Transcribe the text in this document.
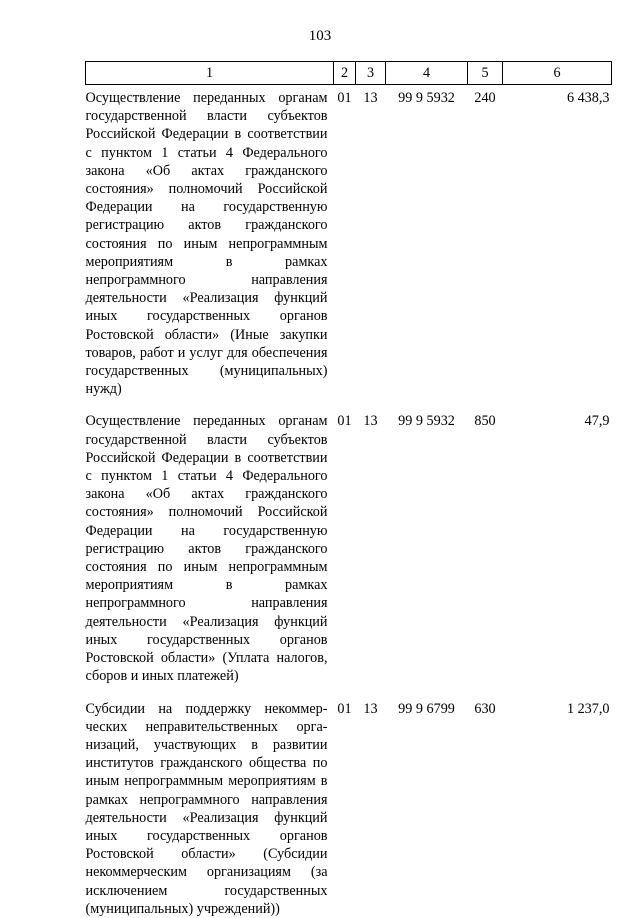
103
1	2	3	4	5	6
Осуществление переданных органам государственной власти субъектов Российской Федерации в соответствии с пунктом 1 статьи 4 Федерального закона «Об актах гражданского состояния» полномочий Российской Федерации на государственную регистрацию актов гражданского состояния по иным непрограммным мероприятиям в рамках непрограммного направления деятельности «Реализация функций иных государственных органов Ростовской области» (Иные закупки товаров, работ и услуг для обеспечения государственных (муниципальных) нужд)	01	13	99 9 5932	240	6 438,3

Осуществление переданных органам государственной власти субъектов Российской Федерации в соответствии с пунктом 1 статьи 4 Федерального закона «Об актах гражданского состояния» полномочий Российской Федерации на государственную регистрацию актов гражданского состояния по иным непрограммным мероприятиям в рамках непрограммного направления деятельности «Реализация функций иных государственных органов Ростовской области» (Уплата налогов, сборов и иных платежей)	01	13	99 9 5932	850	47,9

Субсидии на поддержку некоммерческих неправительственных организаций, участвующих в развитии институтов гражданского общества по иным непрограммным мероприятиям в рамках непрограммного направления деятельности «Реализация функций иных государственных органов Ростовской области» (Субсидии некоммерческим организациям (за исключением государственных (муниципальных) учреждений))	01	13	99 9 6799	630	1 237,0
